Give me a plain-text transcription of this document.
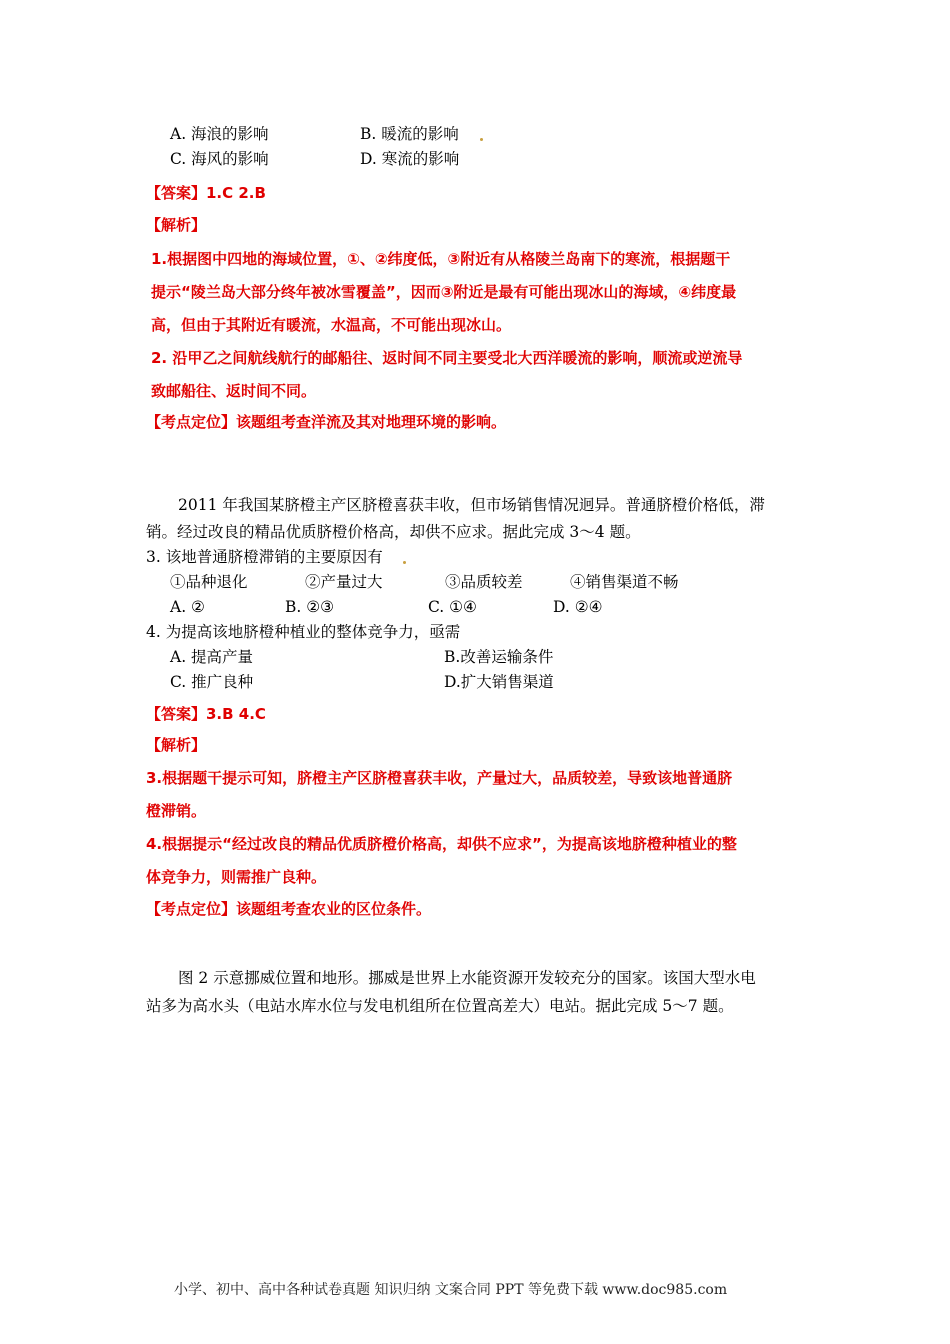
A. 海浪的影响	B. 暖流的影响
C. 海风的影响	D. 寒流的影响
【答案】1.C 2.B
【解析】
1.根据图中四地的海域位置，①、②纬度低，③附近有从格陵兰岛南下的寒流，根据题干
提示“陵兰岛大部分终年被冰雪覆盖”，因而③附近是最有可能出现冰山的海域，④纬度最
高，但由于其附近有暖流，水温高，不可能出现冰山。
2. 沿甲乙之间航线航行的邮船往、返时间不同主要受北大西洋暖流的影响，顺流或逆流导
致邮船往、返时间不同。
【考点定位】该题组考查洋流及其对地理环境的影响。
2011 年我国某脐橙主产区脐橙喜获丰收，但市场销售情况迥异。普通脐橙价格低，滞
销。经过改良的精品优质脐橙价格高，却供不应求。据此完成 3～4 题。
3. 该地普通脐橙滞销的主要原因有
①品种退化	②产量过大	③品质较差	④销售渠道不畅
A. ②	B. ②③	C. ①④	D. ②④
4. 为提高该地脐橙种植业的整体竞争力，亟需
A. 提高产量	B.改善运输条件
C. 推广良种	D.扩大销售渠道
【答案】3.B 4.C
【解析】
3.根据题干提示可知，脐橙主产区脐橙喜获丰收，产量过大，品质较差，导致该地普通脐
橙滞销。
4.根据提示“经过改良的精品优质脐橙价格高，却供不应求”，为提高该地脐橙种植业的整
体竞争力，则需推广良种。
【考点定位】该题组考查农业的区位条件。
图 2 示意挪威位置和地形。挪威是世界上水能资源开发较充分的国家。该国大型水电
站多为高水头（电站水库水位与发电机组所在位置高差大）电站。据此完成 5～7 题。
小学、初中、高中各种试卷真题 知识归纳 文案合同 PPT 等免费下载 www.doc985.com
